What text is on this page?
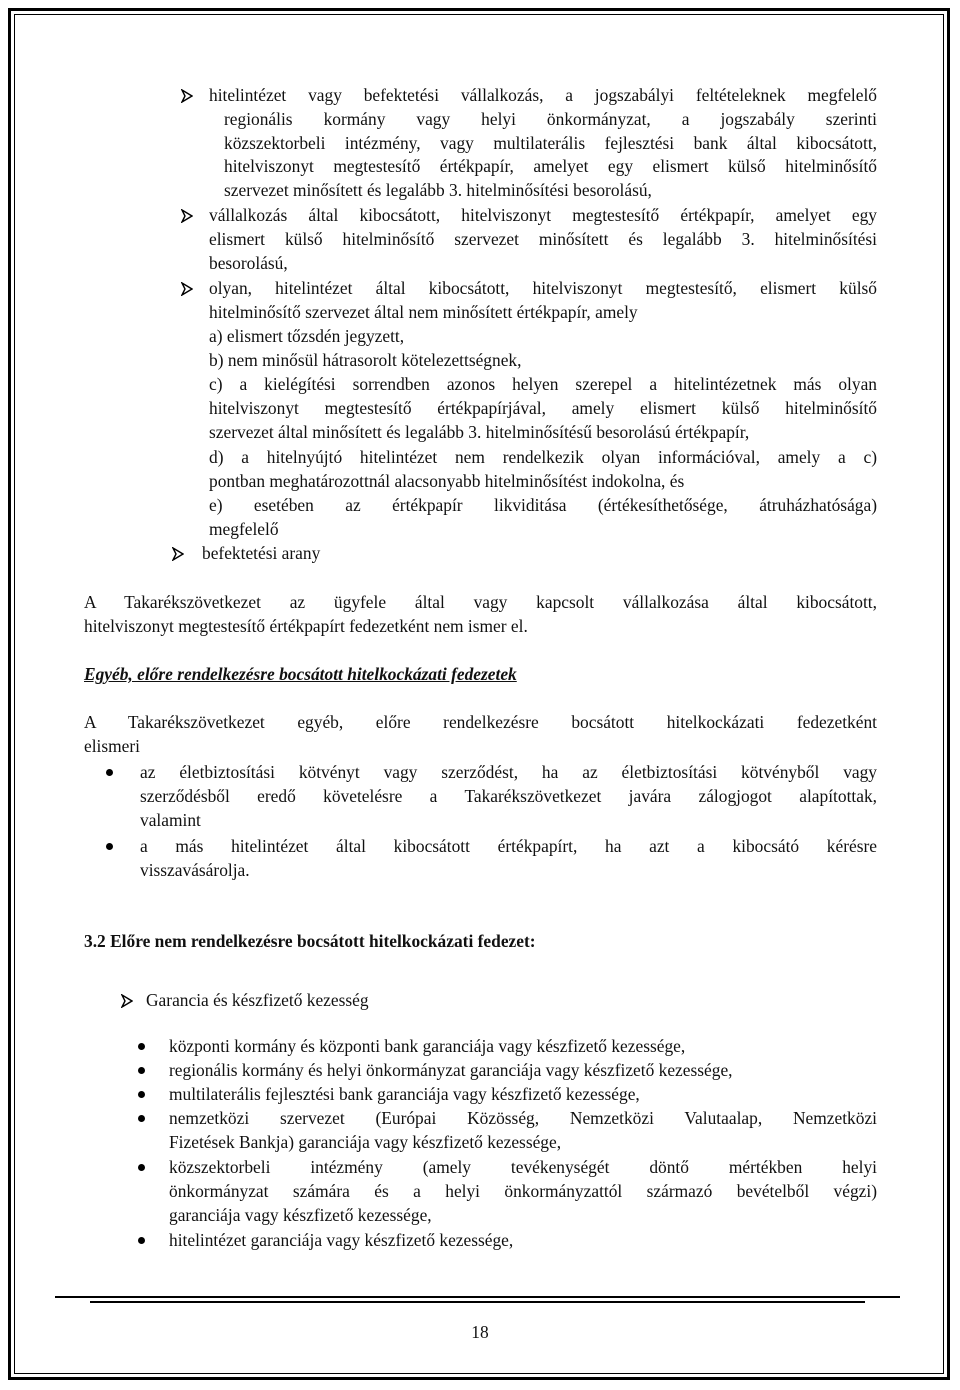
hitelintézet vagy befektetési vállalkozás, a jogszabályi feltételeknek megfelelő

regionális kormány vagy helyi önkormányzat, a jogszabály szerinti

közszektorbeli intézmény, vagy multilaterális fejlesztési bank által kibocsátott,

hitelviszonyt megtestesítő értékpapír, amelyet egy elismert külső hitelminősítő

szervezet minősített és legalább 3. hitelminősítési besorolású,

vállalkozás által kibocsátott, hitelviszonyt megtestesítő értékpapír, amelyet egy

elismert külső hitelminősítő szervezet minősített és legalább 3. hitelminősítési

besorolású,

olyan, hitelintézet által kibocsátott, hitelviszonyt megtestesítő, elismert külső

hitelminősítő szervezet által nem minősített értékpapír, amely

a) elismert tőzsdén jegyzett,

b) nem minősül hátrasorolt kötelezettségnek,

c) a kielégítési sorrendben azonos helyen szerepel a hitelintézetnek más olyan

hitelviszonyt megtestesítő értékpapírjával, amely elismert külső hitelminősítő

szervezet által minősített és legalább 3. hitelminősítésű besorolású értékpapír,

d) a hitelnyújtó hitelintézet nem rendelkezik olyan információval, amely a c)

pontban meghatározottnál alacsonyabb hitelminősítést indokolna, és

e) esetében az értékpapír likviditása (értékesíthetősége, átruházhatósága)

megfelelő

befektetési arany

A Takarékszövetkezet az ügyfele által vagy kapcsolt vállalkozása által kibocsátott,

hitelviszonyt megtestesítő értékpapírt fedezetként nem ismer el.

Egyéb, előre rendelkezésre bocsátott hitelkockázati fedezetek

A Takarékszövetkezet egyéb, előre rendelkezésre bocsátott hitelkockázati fedezetként

elismeri

az életbiztosítási kötvényt vagy szerződést, ha az életbiztosítási kötvényből vagy

szerződésből eredő követelésre a Takarékszövetkezet javára zálogjogot alapítottak,

valamint

a más hitelintézet által kibocsátott értékpapírt, ha azt a kibocsátó kérésre

visszavásárolja.

3.2 Előre nem rendelkezésre bocsátott hitelkockázati fedezet:

Garancia és készfizető kezesség

központi kormány és központi bank garanciája vagy készfizető kezessége,

regionális kormány és helyi önkormányzat garanciája vagy készfizető kezessége,

multilaterális fejlesztési bank garanciája vagy készfizető kezessége,

nemzetközi szervezet (Európai Közösség, Nemzetközi Valutaalap, Nemzetközi

Fizetések Bankja) garanciája vagy készfizető kezessége,

közszektorbeli intézmény (amely tevékenységét döntő mértékben helyi

önkormányzat számára és a helyi önkormányzattól származó bevételből végzi)

garanciája vagy készfizető kezessége,

hitelintézet garanciája vagy készfizető kezessége,

18
